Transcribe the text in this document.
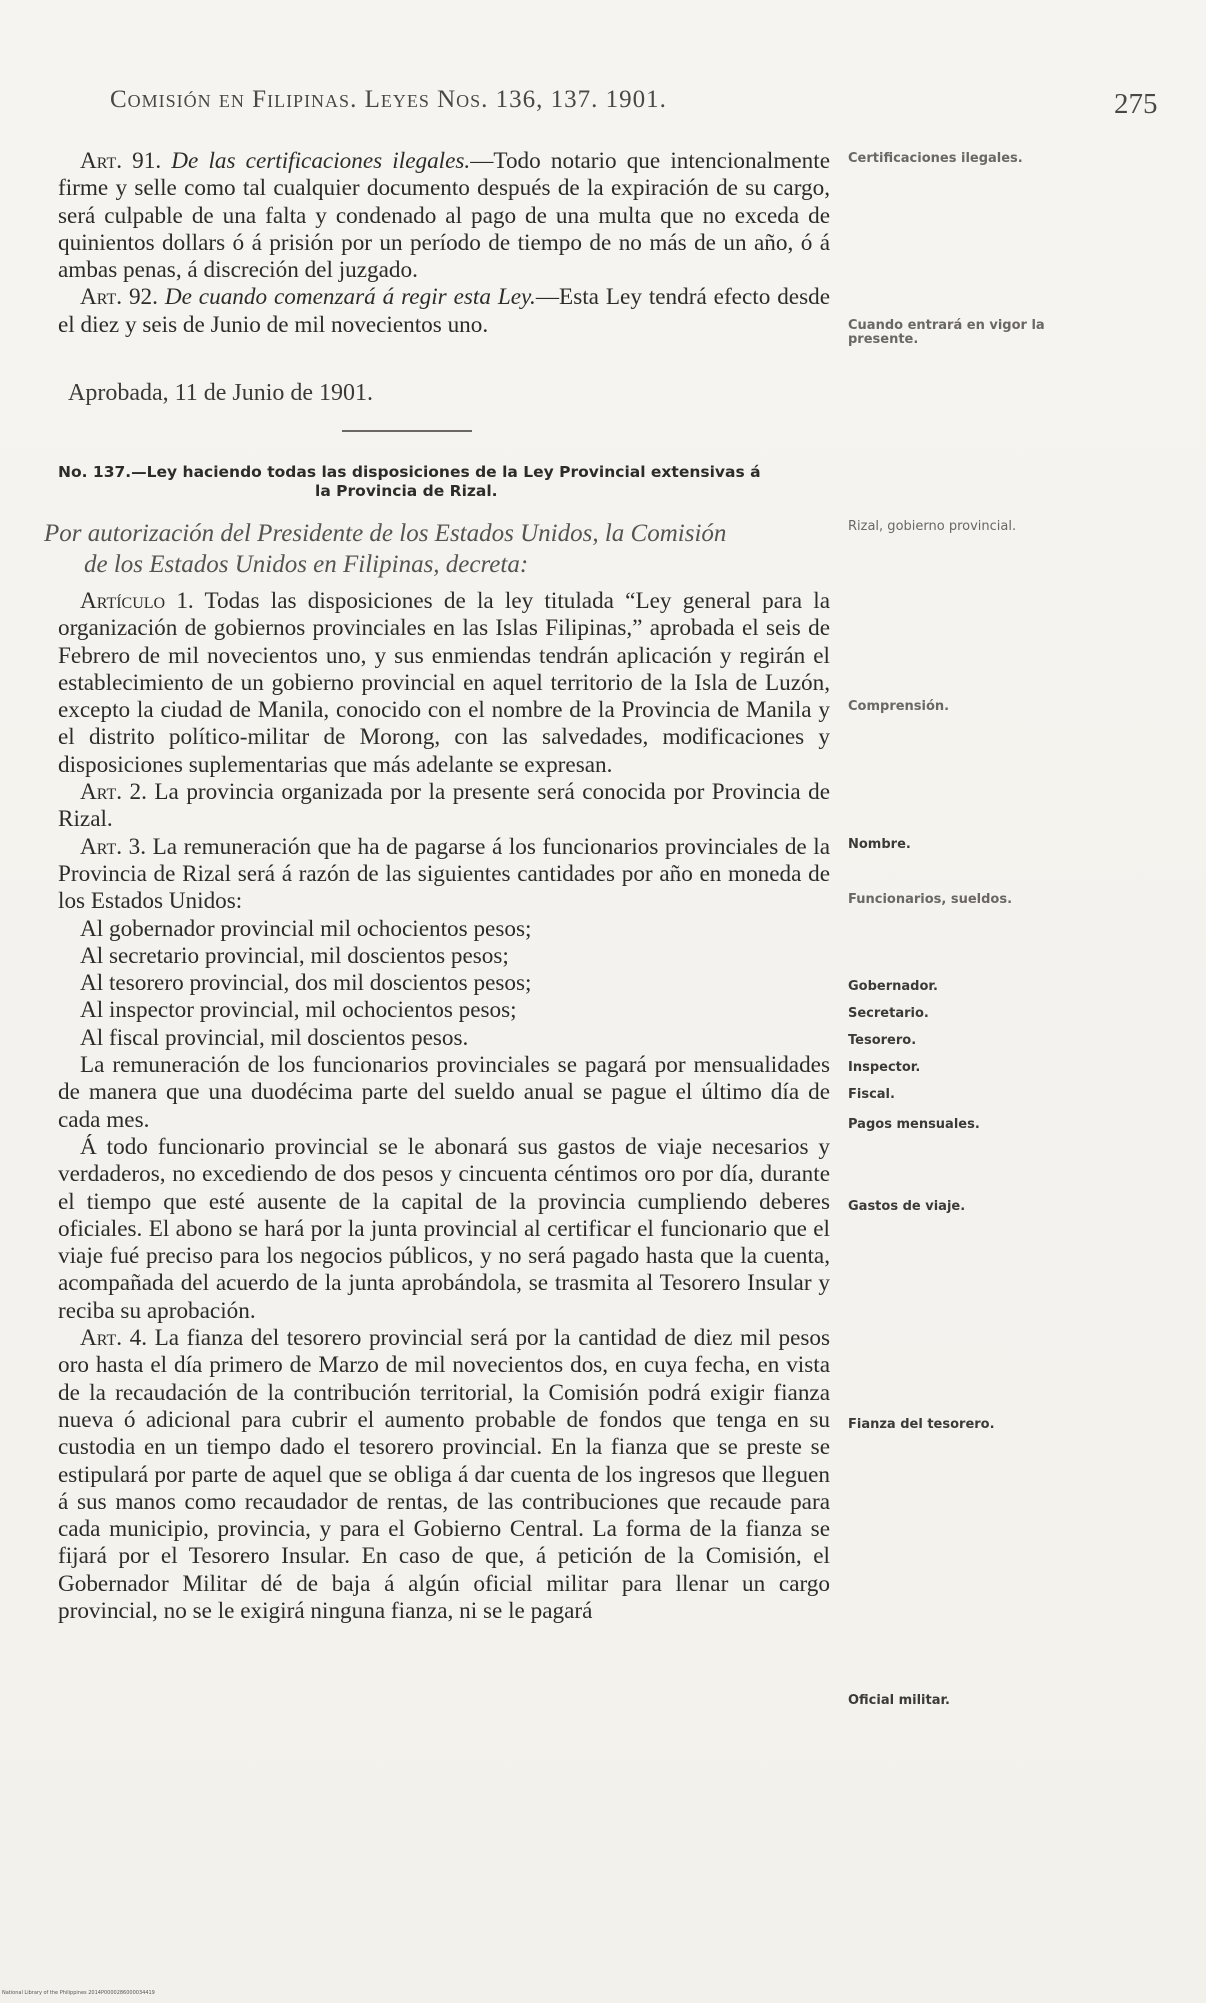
Comisión en Filipinas. Leyes Nos. 136, 137. 1901.	275

Art. 91. De las certificaciones ilegales.—Todo notario que intencionalmente firme y selle como tal cualquier documento después de la expiración de su cargo, será culpable de una falta y condenado al pago de una multa que no exceda de quinientos dollars ó á prisión por un período de tiempo de no más de un año, ó á ambas penas, á discreción del juzgado.

Art. 92. De cuando comenzará á regir esta Ley.—Esta Ley tendrá efecto desde el diez y seis de Junio de mil novecientos uno.

Aprobada, 11 de Junio de 1901.
No. 137.—Ley haciendo todas las disposiciones de la Ley Provincial extensivas á
la Provincia de Rizal.
Por autorización del Presidente de los Estados Unidos, la Comisión
de los Estados Unidos en Filipinas, decreta:

Artículo 1. Todas las disposiciones de la ley titulada “Ley general para la organización de gobiernos provinciales en las Islas Filipinas,” aprobada el seis de Febrero de mil novecientos uno, y sus enmiendas tendrán aplicación y regirán el establecimiento de un gobierno provincial en aquel territorio de la Isla de Luzón, excepto la ciudad de Manila, conocido con el nombre de la Provincia de Manila y el distrito político-militar de Morong, con las salvedades, modificaciones y disposiciones suplementarias que más adelante se expresan.

Art. 2. La provincia organizada por la presente será conocida por Provincia de Rizal.

Art. 3. La remuneración que ha de pagarse á los funcionarios provinciales de la Provincia de Rizal será á razón de las siguientes cantidades por año en moneda de los Estados Unidos:

Al gobernador provincial mil ochocientos pesos;
Al secretario provincial, mil doscientos pesos;
Al tesorero provincial, dos mil doscientos pesos;
Al inspector provincial, mil ochocientos pesos;
Al fiscal provincial, mil doscientos pesos.

La remuneración de los funcionarios provinciales se pagará por mensualidades de manera que una duodécima parte del sueldo anual se pague el último día de cada mes.

Á todo funcionario provincial se le abonará sus gastos de viaje necesarios y verdaderos, no excediendo de dos pesos y cincuenta céntimos oro por día, durante el tiempo que esté ausente de la capital de la provincia cumpliendo deberes oficiales. El abono se hará por la junta provincial al certificar el funcionario que el viaje fué preciso para los negocios públicos, y no será pagado hasta que la cuenta, acompañada del acuerdo de la junta aprobándola, se trasmita al Tesorero Insular y reciba su aprobación.

Art. 4. La fianza del tesorero provincial será por la cantidad de diez mil pesos oro hasta el día primero de Marzo de mil novecientos dos, en cuya fecha, en vista de la recaudación de la contribución territorial, la Comisión podrá exigir fianza nueva ó adicional para cubrir el aumento probable de fondos que tenga en su custodia en un tiempo dado el tesorero provincial. En la fianza que se preste se estipulará por parte de aquel que se obliga á dar cuenta de los ingresos que lleguen á sus manos como recaudador de rentas, de las contribuciones que recaude para cada municipio, provincia, y para el Gobierno Central. La forma de la fianza se fijará por el Tesorero Insular. En caso de que, á petición de la Comisión, el Gobernador Militar dé de baja á algún oficial militar para llenar un cargo provincial, no se le exigirá ninguna fianza, ni se le pagará

Certificaciones ilegales.
Cuando entrará en vigor la presente.
Rizal, gobierno provincial.
Comprensión.
Nombre.
Funcionarios, sueldos.
Gobernador.
Secretario.
Tesorero.
Inspector.
Fiscal.
Pagos mensuales.
Gastos de viaje.
Fianza del tesorero.
Oficial militar.
National Library of the Philippines 2014P0000286000034419
